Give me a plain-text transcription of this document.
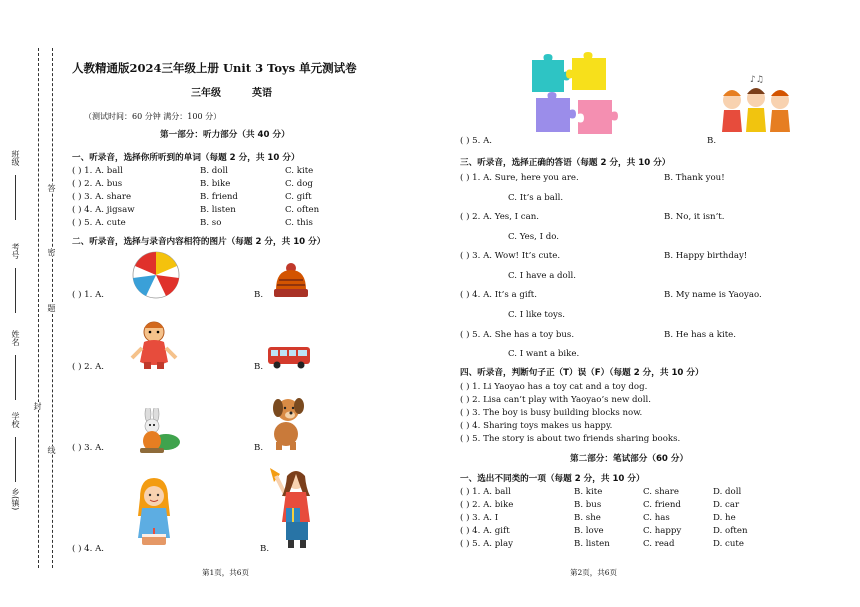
班级
考号
姓名
学校
乡(镇)
答
密
题
封
线
人教精通版2024三年级上册 Unit 3 Toys 单元测试卷
三年级	英语
（测试时间：60 分钟 满分：100 分）
第一部分：听力部分（共 40 分）
一、听录音，选择你所听到的单词（每题 2 分，共 10 分）
( ) 1. A. ball	B. doll	C. kite
( ) 2. A. bus	B. bike	C. dog
( ) 3. A. share	B. friend	C. gift
( ) 4. A. jigsaw	B. listen	C. often
( ) 5. A. cute	B. so	C. this
二、听录音，选择与录音内容相符的图片（每题 2 分，共 10 分）
( ) 1. A.	B.
( ) 2. A.	B.
( ) 3. A.	B.
( ) 4. A.	B.
第1页，共6页
♪♫
( ) 5. A.	B.
三、听录音，选择正确的答语（每题 2 分，共 10 分）
( ) 1. A. Sure, here you are.	B. Thank you!
C. It’s a ball.
( ) 2. A. Yes, I can.	B. No, it isn’t.
C. Yes, I do.
( ) 3. A. Wow! It’s cute.	B. Happy birthday!
C. I have a doll.
( ) 4. A. It’s a gift.	B. My name is Yaoyao.
C. I like toys.
( ) 5. A. She has a toy bus.	B. He has a kite.
C. I want a bike.
四、听录音，判断句子正（T）误（F）（每题 2 分，共 10 分）
( ) 1. Li Yaoyao has a toy cat and a toy dog.
( ) 2. Lisa can’t play with Yaoyao’s new doll.
( ) 3. The boy is busy building blocks now.
( ) 4. Sharing toys makes us happy.
( ) 5. The story is about two friends sharing books.
第二部分：笔试部分（60 分）
一、选出不同类的一项（每题 2 分，共 10 分）
( ) 1. A. ball	B. kite	C. share	D. doll
( ) 2. A. bike	B. bus	C. friend	D. car
( ) 3. A. I	B. she	C. has	D. he
( ) 4. A. gift	B. love	C. happy	D. often
( ) 5. A. play	B. listen	C. read	D. cute
第2页，共6页
